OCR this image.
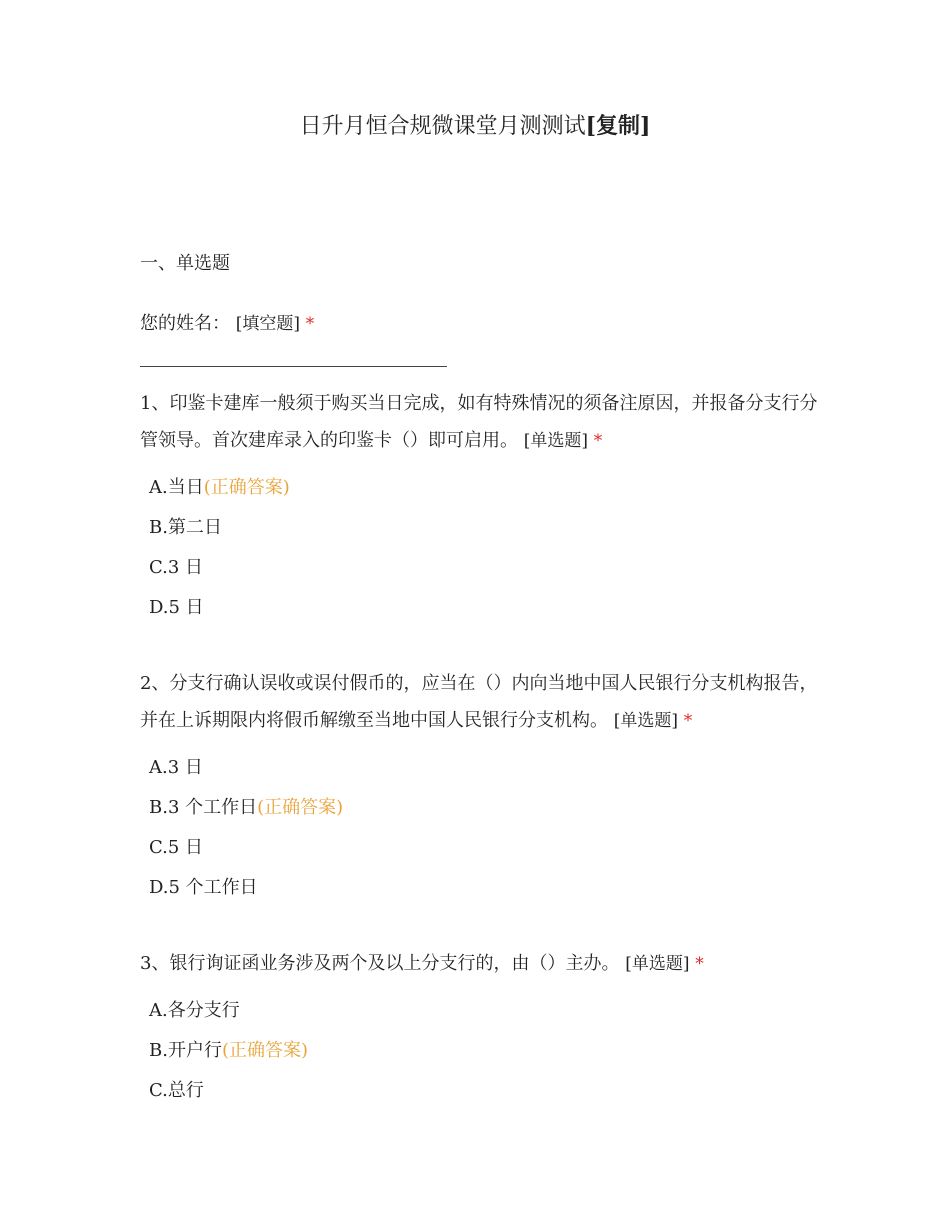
日升月恒合规微课堂月测测试[复制]
一、单选题

您的姓名： [填空题] *

1、印鉴卡建库一般须于购买当日完成，如有特殊情况的须备注原因，并报备分支行分管领导。首次建库录入的印鉴卡（）即可启用。 [单选题] *

A.当日(正确答案)
B.第二日
C.3 日
D.5 日

2、分支行确认误收或误付假币的，应当在（）内向当地中国人民银行分支机构报告，并在上诉期限内将假币解缴至当地中国人民银行分支机构。 [单选题] *

A.3 日
B.3 个工作日(正确答案)
C.5 日
D.5 个工作日

3、银行询证函业务涉及两个及以上分支行的，由（）主办。 [单选题] *

A.各分支行
B.开户行(正确答案)
C.总行
